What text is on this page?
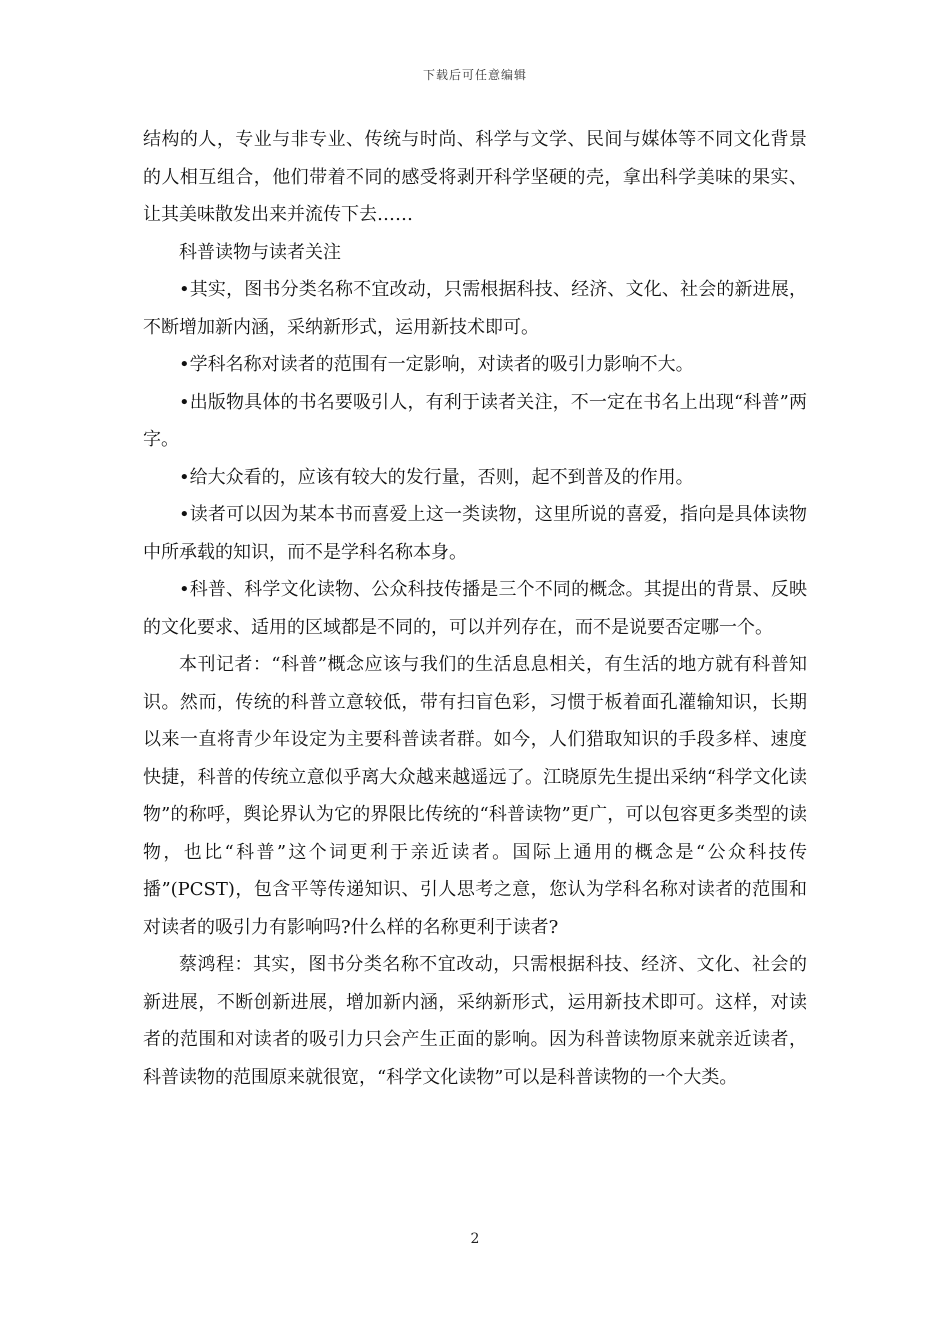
下载后可任意编辑

结构的人，专业与非专业、传统与时尚、科学与文学、民间与媒体等不同文化背景的人相互组合，他们带着不同的感受将剥开科学坚硬的壳，拿出科学美味的果实、让其美味散发出来并流传下去……

科普读物与读者关注

•其实，图书分类名称不宜改动，只需根据科技、经济、文化、社会的新进展，不断增加新内涵，采纳新形式，运用新技术即可。

•学科名称对读者的范围有一定影响，对读者的吸引力影响不大。

•出版物具体的书名要吸引人，有利于读者关注，不一定在书名上出现“科普”两字。

•给大众看的，应该有较大的发行量，否则，起不到普及的作用。

•读者可以因为某本书而喜爱上这一类读物，这里所说的喜爱，指向是具体读物中所承载的知识，而不是学科名称本身。

•科普、科学文化读物、公众科技传播是三个不同的概念。其提出的背景、反映的文化要求、适用的区域都是不同的，可以并列存在，而不是说要否定哪一个。

本刊记者：“科普”概念应该与我们的生活息息相关，有生活的地方就有科普知识。然而，传统的科普立意较低，带有扫盲色彩，习惯于板着面孔灌输知识，长期以来一直将青少年设定为主要科普读者群。如今，人们猎取知识的手段多样、速度快捷，科普的传统立意似乎离大众越来越遥远了。江晓原先生提出采纳“科学文化读物”的称呼，舆论界认为它的界限比传统的“科普读物”更广，可以包容更多类型的读物，也比“科普”这个词更利于亲近读者。国际上通用的概念是“公众科技传播”(PCST)，包含平等传递知识、引人思考之意，您认为学科名称对读者的范围和对读者的吸引力有影响吗?什么样的名称更利于读者?

蔡鸿程：其实，图书分类名称不宜改动，只需根据科技、经济、文化、社会的新进展，不断创新进展，增加新内涵，采纳新形式，运用新技术即可。这样，对读者的范围和对读者的吸引力只会产生正面的影响。因为科普读物原来就亲近读者，科普读物的范围原来就很宽，“科学文化读物”可以是科普读物的一个大类。

2
